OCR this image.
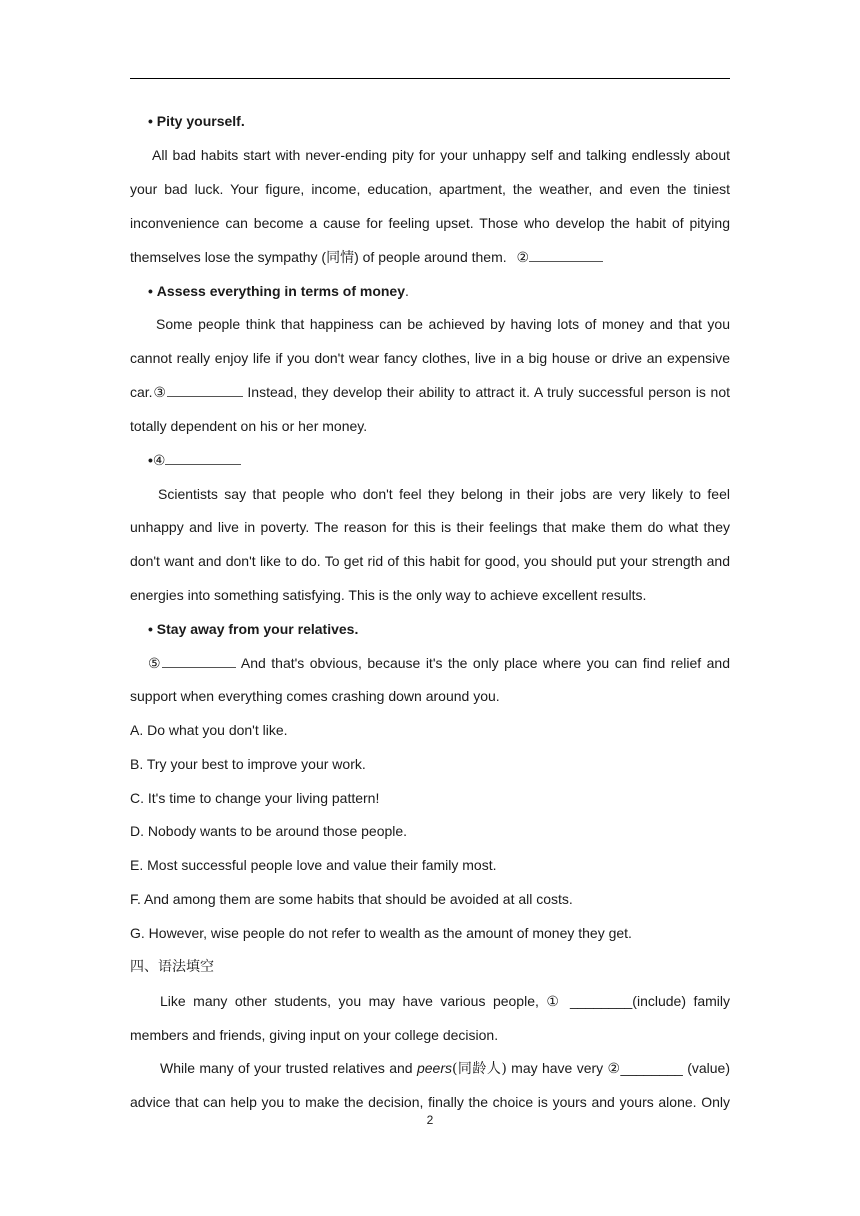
• Pity yourself.
All bad habits start with never-ending pity for your unhappy self and talking endlessly about
your bad luck. Your figure, income, education, apartment, the weather, and even the tiniest
inconvenience can become a cause for feeling upset. Those who develop the habit of pitying
themselves lose the sympathy (同情) of people around them. ②
• Assess everything in terms of money.
Some people think that happiness can be achieved by having lots of money and that you
cannot really enjoy life if you don't wear fancy clothes, live in a big house or drive an expensive
car.③	Instead, they develop their ability to attract it. A truly successful person is not
totally dependent on his or her money.
•④
Scientists say that people who don't feel they belong in their jobs are very likely to feel
unhappy and live in poverty. The reason for this is their feelings that make them do what they
don't want and don't like to do. To get rid of this habit for good, you should put your strength and
energies into something satisfying. This is the only way to achieve excellent results.
• Stay away from your relatives.
⑤	And that's obvious, because it's the only place where you can find relief and
support when everything comes crashing down around you.
A. Do what you don't like.
B. Try your best to improve your work.
C. It's time to change your living pattern!
D. Nobody wants to be around those people.
E. Most successful people love and value their family most.
F. And among them are some habits that should be avoided at all costs.
G. However, wise people do not refer to wealth as the amount of money they get.
四、语法填空
Like many other students, you may have various people, ① ________(include) family
members and friends, giving input on your college decision.
While many of your trusted relatives and peers(同龄人) may have very ②________ (value)
advice that can help you to make the decision, finally the choice is yours and yours alone. Only
2
